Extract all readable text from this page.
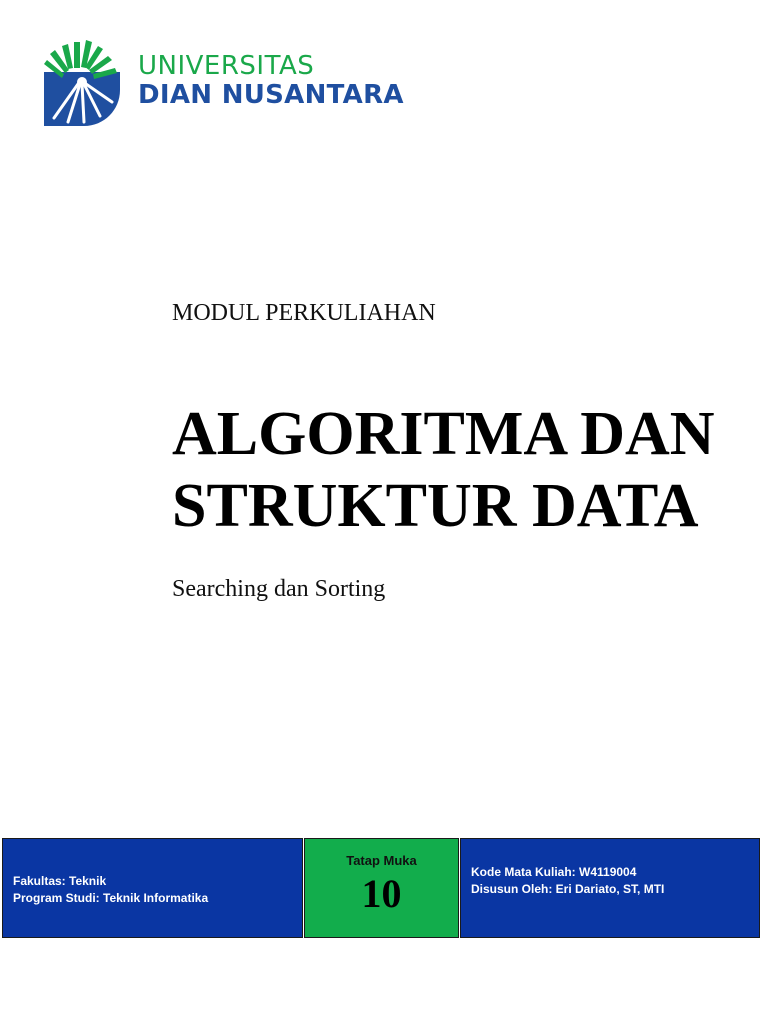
UNIVERSITAS
DIAN NUSANTARA
MODUL PERKULIAHAN
ALGORITMA DAN
STRUKTUR DATA
Searching dan Sorting
Fakultas: Teknik
Program Studi: Teknik Informatika
Tatap Muka
10	Kode Mata Kuliah: W4119004
Disusun Oleh: Eri Dariato, ST, MTI
